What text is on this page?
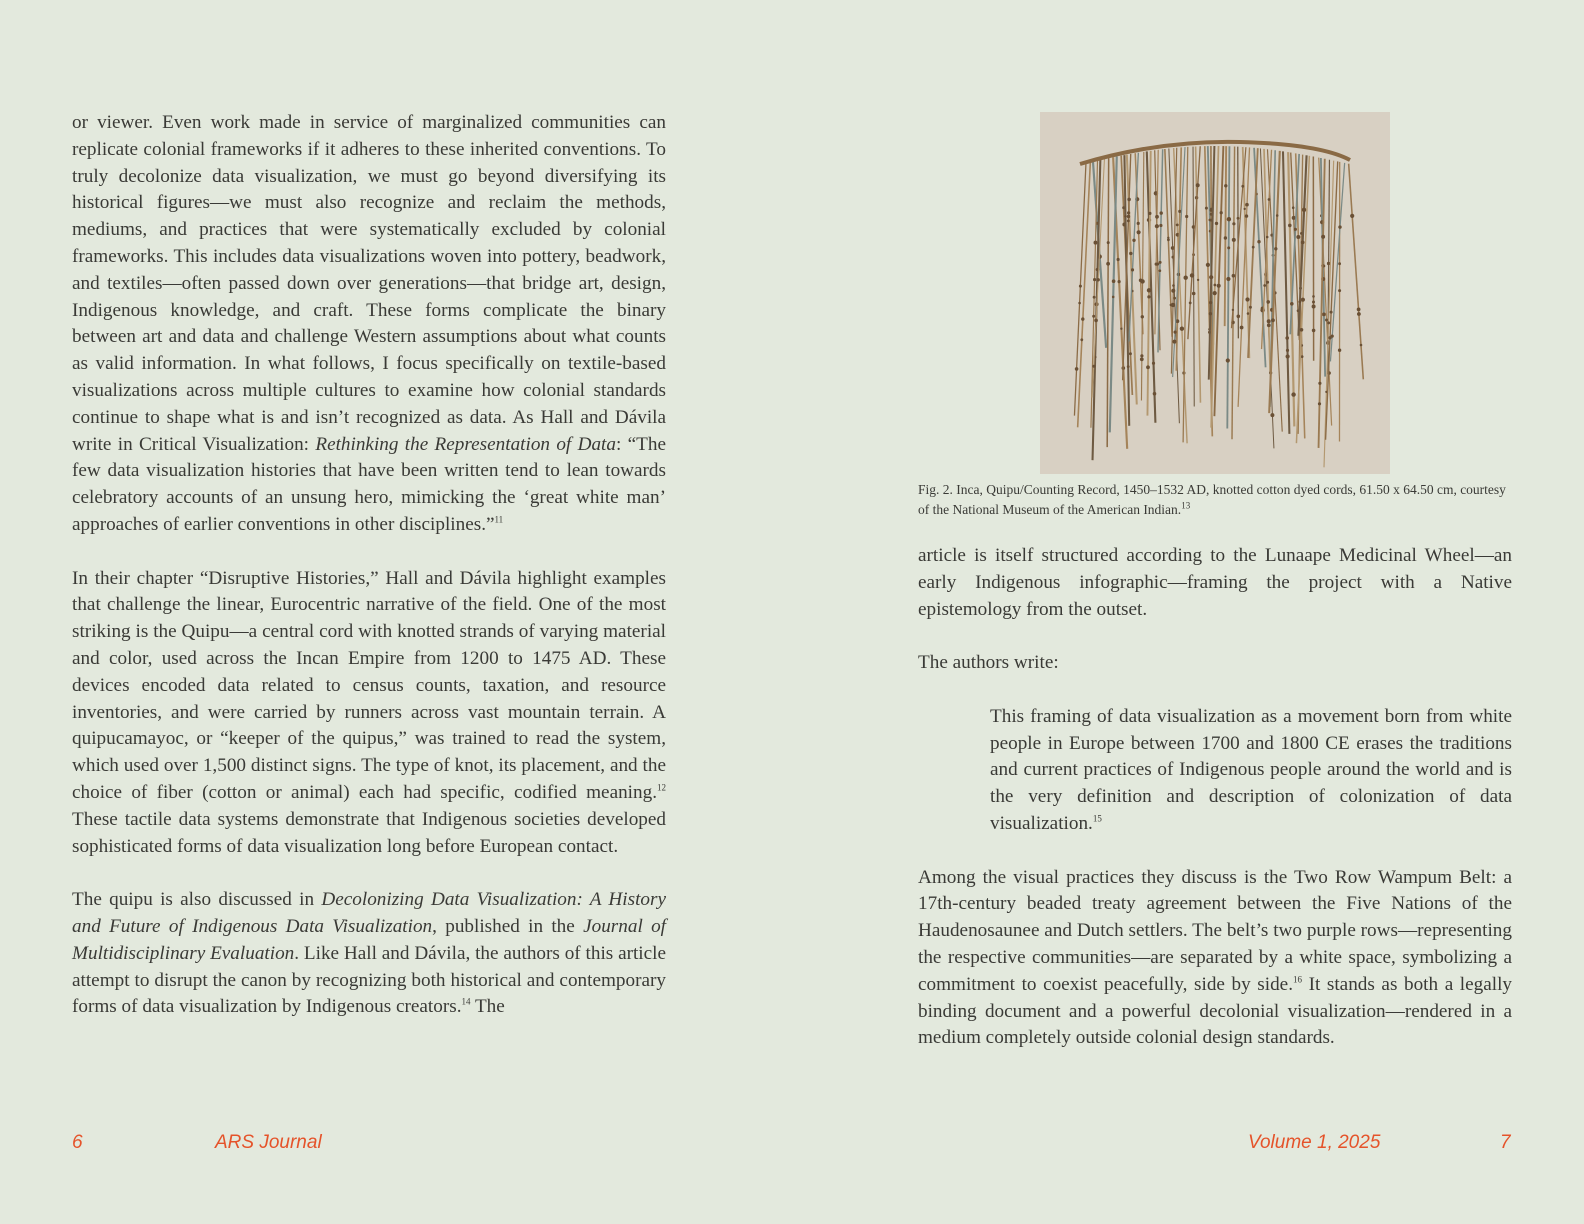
or viewer. Even work made in service of marginalized communities can replicate colonial frameworks if it adheres to these inherited conventions. To truly decolonize data visualization, we must go beyond diversifying its historical figures—we must also recognize and reclaim the methods, mediums, and practices that were systematically excluded by colonial frameworks. This includes data visualizations woven into pottery, beadwork, and textiles—often passed down over generations—that bridge art, design, Indigenous knowledge, and craft. These forms complicate the binary between art and data and challenge Western assumptions about what counts as valid information. In what follows, I focus specifically on textile-based visualizations across multiple cultures to examine how colonial standards continue to shape what is and isn’t recognized as data. As Hall and Dávila write in Critical Visualization: Rethinking the Representation of Data: “The few data visualization histories that have been written tend to lean towards celebratory accounts of an unsung hero, mimicking the ‘great white man’ approaches of earlier conventions in other disciplines.”$^{11}$

In their chapter “Disruptive Histories,” Hall and Dávila highlight examples that challenge the linear, Eurocentric narrative of the field. One of the most striking is the Quipu—a central cord with knotted strands of varying material and color, used across the Incan Empire from 1200 to 1475 AD. These devices encoded data related to census counts, taxation, and resource inventories, and were carried by runners across vast mountain terrain. A quipucamayoc, or “keeper of the quipus,” was trained to read the system, which used over 1,500 distinct signs. The type of knot, its placement, and the choice of fiber (cotton or animal) each had specific, codified meaning.$^{12}$ These tactile data systems demonstrate that Indigenous societies developed sophisticated forms of data visualization long before European contact.

The quipu is also discussed in Decolonizing Data Visualization: A History and Future of Indigenous Data Visualization, published in the Journal of Multidisciplinary Evaluation. Like Hall and Dávila, the authors of this article attempt to disrupt the canon by recognizing both historical and contemporary forms of data visualization by Indigenous creators.$^{14}$ The

Fig. 2. Inca, Quipu/Counting Record, 1450–1532 AD, knotted cotton dyed cords, 61.50 x 64.50 cm, courtesy of the National Museum of the American Indian.$^{13}$

article is itself structured according to the Lunaape Medicinal Wheel—an early Indigenous infographic—framing the project with a Native epistemology from the outset.

The authors write:

This framing of data visualization as a movement born from white people in Europe between 1700 and 1800 CE erases the traditions and current practices of Indigenous people around the world and is the very definition and description of colonization of data visualization.$^{15}$

Among the visual practices they discuss is the Two Row Wampum Belt: a 17th-century beaded treaty agreement between the Five Nations of the Haudenosaunee and Dutch settlers. The belt’s two purple rows—representing the respective communities—are separated by a white space, symbolizing a commitment to coexist peacefully, side by side.$^{16}$ It stands as both a legally binding document and a powerful decolonial visualization—rendered in a medium completely outside colonial design standards.

6	ARS Journal	Volume 1, 2025	7
